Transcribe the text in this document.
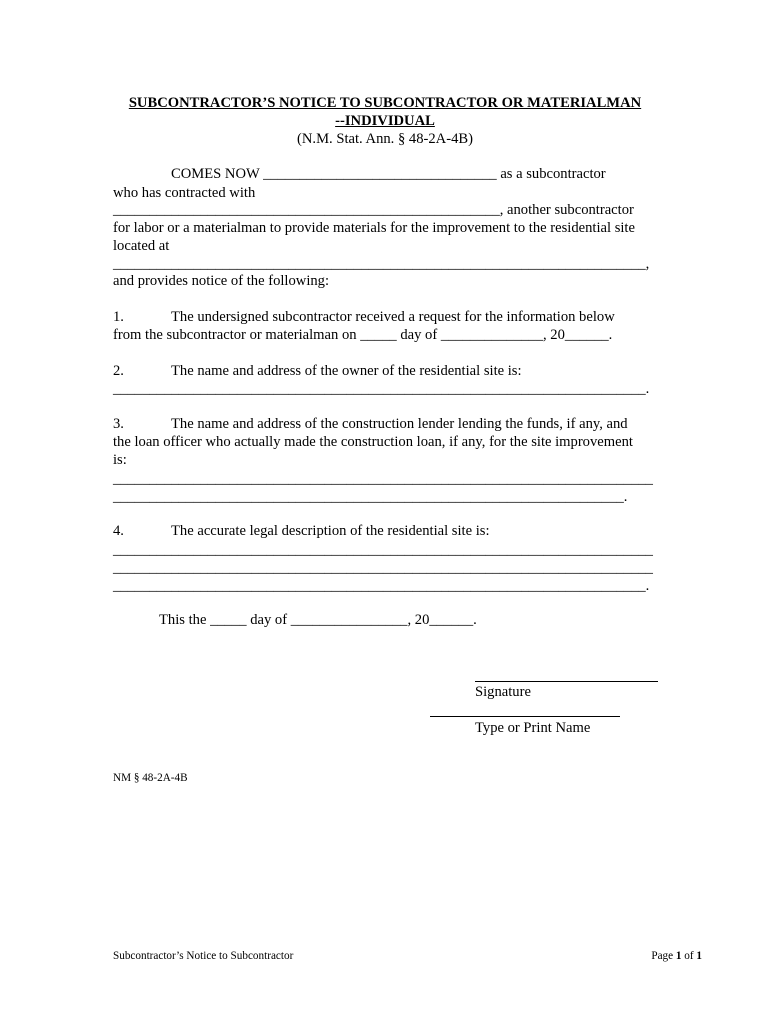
SUBCONTRACTOR’S NOTICE TO SUBCONTRACTOR OR MATERIALMAN
--INDIVIDUAL
(N.M. Stat. Ann. § 48-2A-4B)
COMES NOW ________________________________ as a subcontractor
who has contracted with
_____________________________________________________, another subcontractor
for labor or a materialman to provide materials for the improvement to the residential site
located at
_________________________________________________________________________,
and provides notice of the following:
1.	The undersigned subcontractor received a request for the information below
from the subcontractor or materialman on _____ day of ______________, 20______.
2.	The name and address of the owner of the residential site is:
_________________________________________________________________________.
3.	The name and address of the construction lender lending the funds, if any, and
the loan officer who actually made the construction loan, if any, for the site improvement
is:
__________________________________________________________________________
______________________________________________________________________.
4.	The accurate legal description of the residential site is:
__________________________________________________________________________
__________________________________________________________________________
_________________________________________________________________________.
This the _____ day of ________________, 20______.
Signature
Type or Print Name
NM § 48-2A-4B
Subcontractor’s Notice to Subcontractor	Page 1 of 1
